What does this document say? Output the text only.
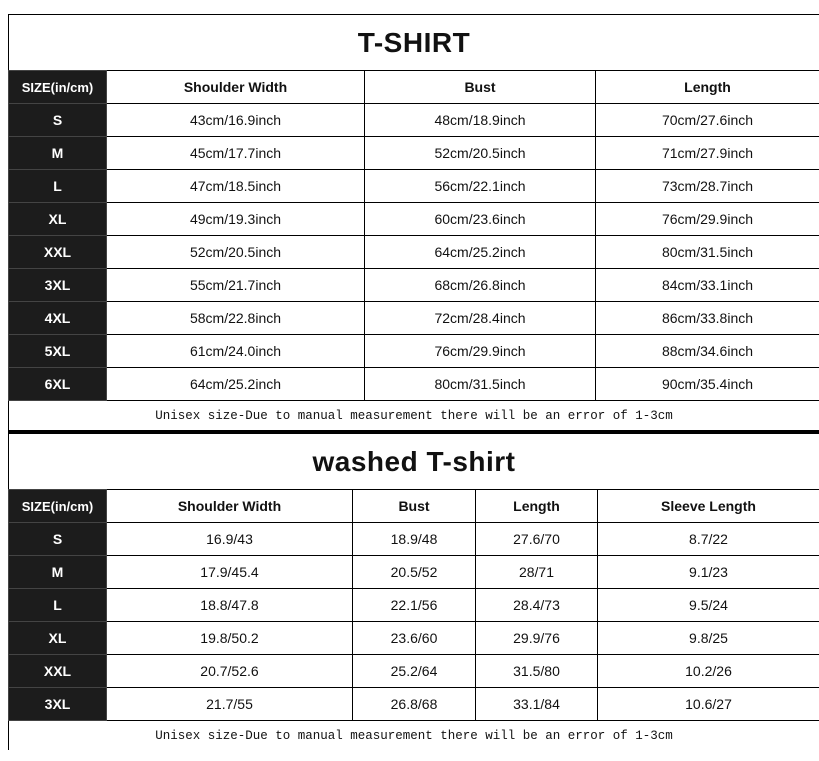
T-SHIRT
SIZE(in/cm)	Shoulder Width	Bust	Length
S	43cm/16.9inch	48cm/18.9inch	70cm/27.6inch
M	45cm/17.7inch	52cm/20.5inch	71cm/27.9inch
L	47cm/18.5inch	56cm/22.1inch	73cm/28.7inch
XL	49cm/19.3inch	60cm/23.6inch	76cm/29.9inch
XXL	52cm/20.5inch	64cm/25.2inch	80cm/31.5inch
3XL	55cm/21.7inch	68cm/26.8inch	84cm/33.1inch
4XL	58cm/22.8inch	72cm/28.4inch	86cm/33.8inch
5XL	61cm/24.0inch	76cm/29.9inch	88cm/34.6inch
6XL	64cm/25.2inch	80cm/31.5inch	90cm/35.4inch
Unisex size-Due to manual measurement there will be an error of 1-3cm
washed T-shirt
SIZE(in/cm)	Shoulder Width	Bust	Length	Sleeve Length
S	16.9/43	18.9/48	27.6/70	8.7/22
M	17.9/45.4	20.5/52	28/71	9.1/23
L	18.8/47.8	22.1/56	28.4/73	9.5/24
XL	19.8/50.2	23.6/60	29.9/76	9.8/25
XXL	20.7/52.6	25.2/64	31.5/80	10.2/26
3XL	21.7/55	26.8/68	33.1/84	10.6/27
Unisex size-Due to manual measurement there will be an error of 1-3cm
